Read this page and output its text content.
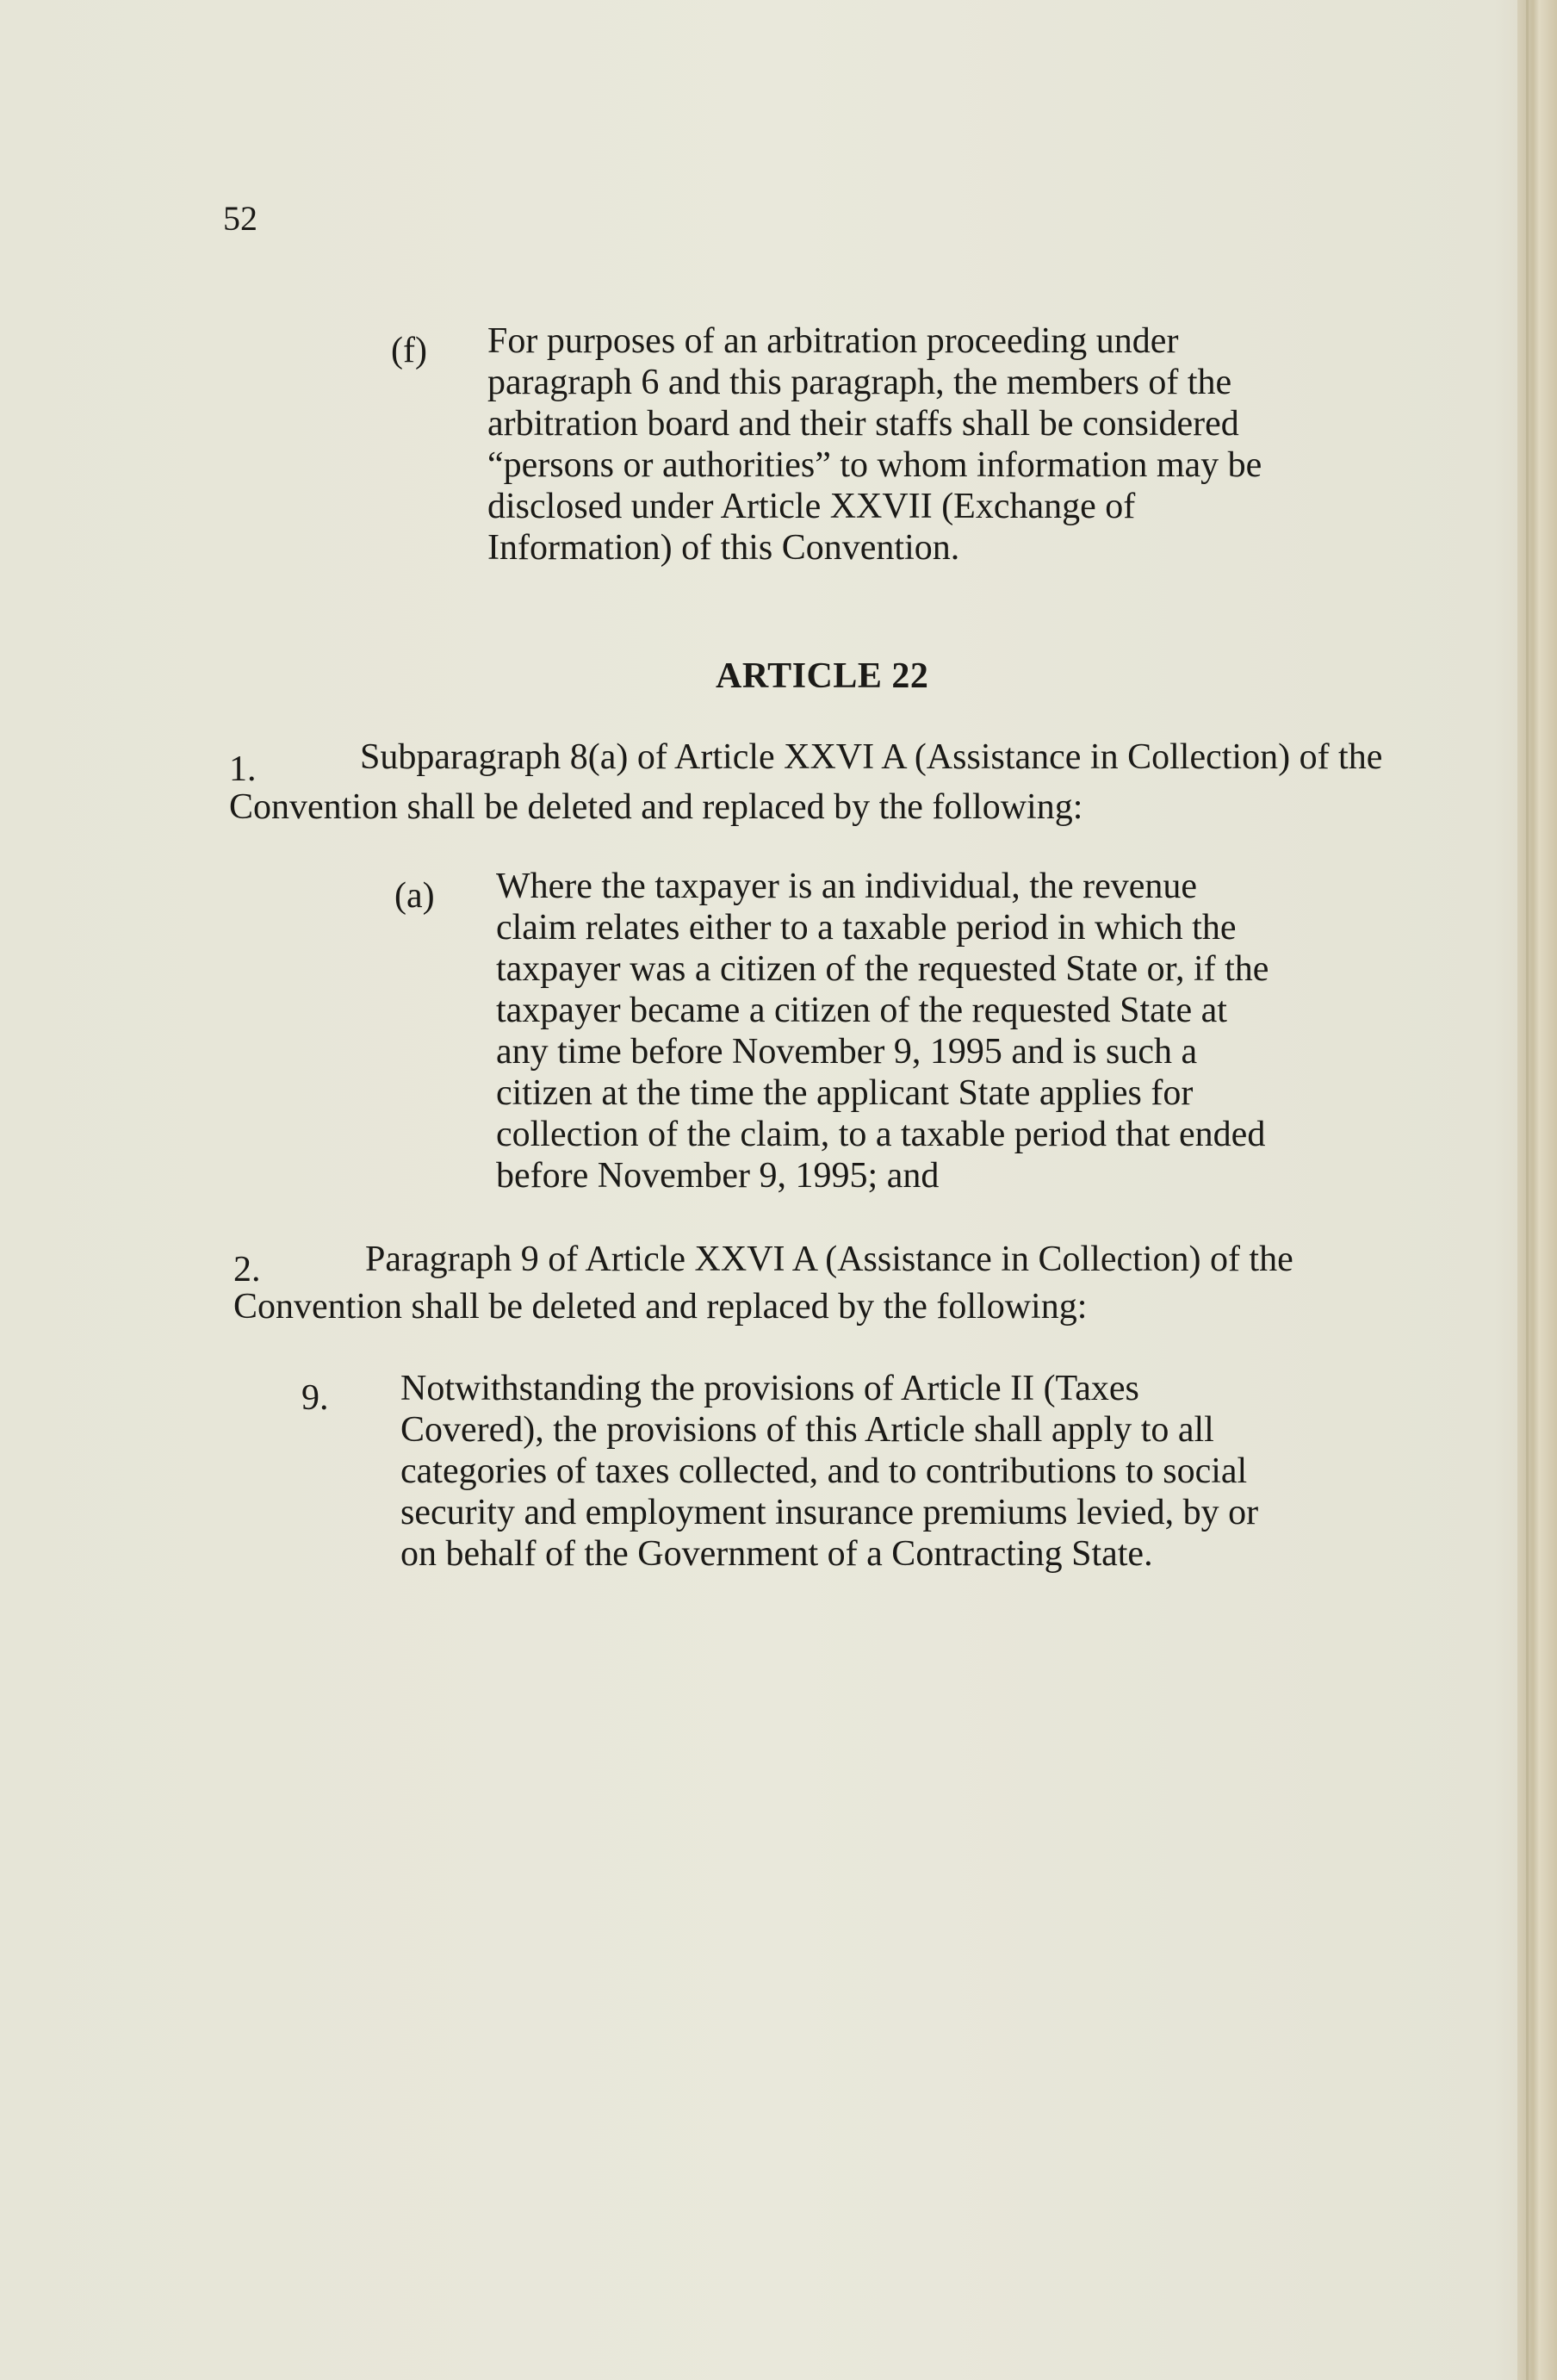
52
(f) For purposes of an arbitration proceeding under
paragraph 6 and this paragraph, the members of the
arbitration board and their staffs shall be considered
“persons or authorities” to whom information may be
disclosed under Article XXVII (Exchange of
Information) of this Convention.
ARTICLE 22
1.	Subparagraph 8(a) of Article XXVI A (Assistance in Collection) of the
Convention shall be deleted and replaced by the following:
(a) Where the taxpayer is an individual, the revenue
claim relates either to a taxable period in which the
taxpayer was a citizen of the requested State or, if the
taxpayer became a citizen of the requested State at
any time before November 9, 1995 and is such a
citizen at the time the applicant State applies for
collection of the claim, to a taxable period that ended
before November 9, 1995; and
2.	Paragraph 9 of Article XXVI A (Assistance in Collection) of the
Convention shall be deleted and replaced by the following:
9. Notwithstanding the provisions of Article II (Taxes
Covered), the provisions of this Article shall apply to all
categories of taxes collected, and to contributions to social
security and employment insurance premiums levied, by or
on behalf of the Government of a Contracting State.
